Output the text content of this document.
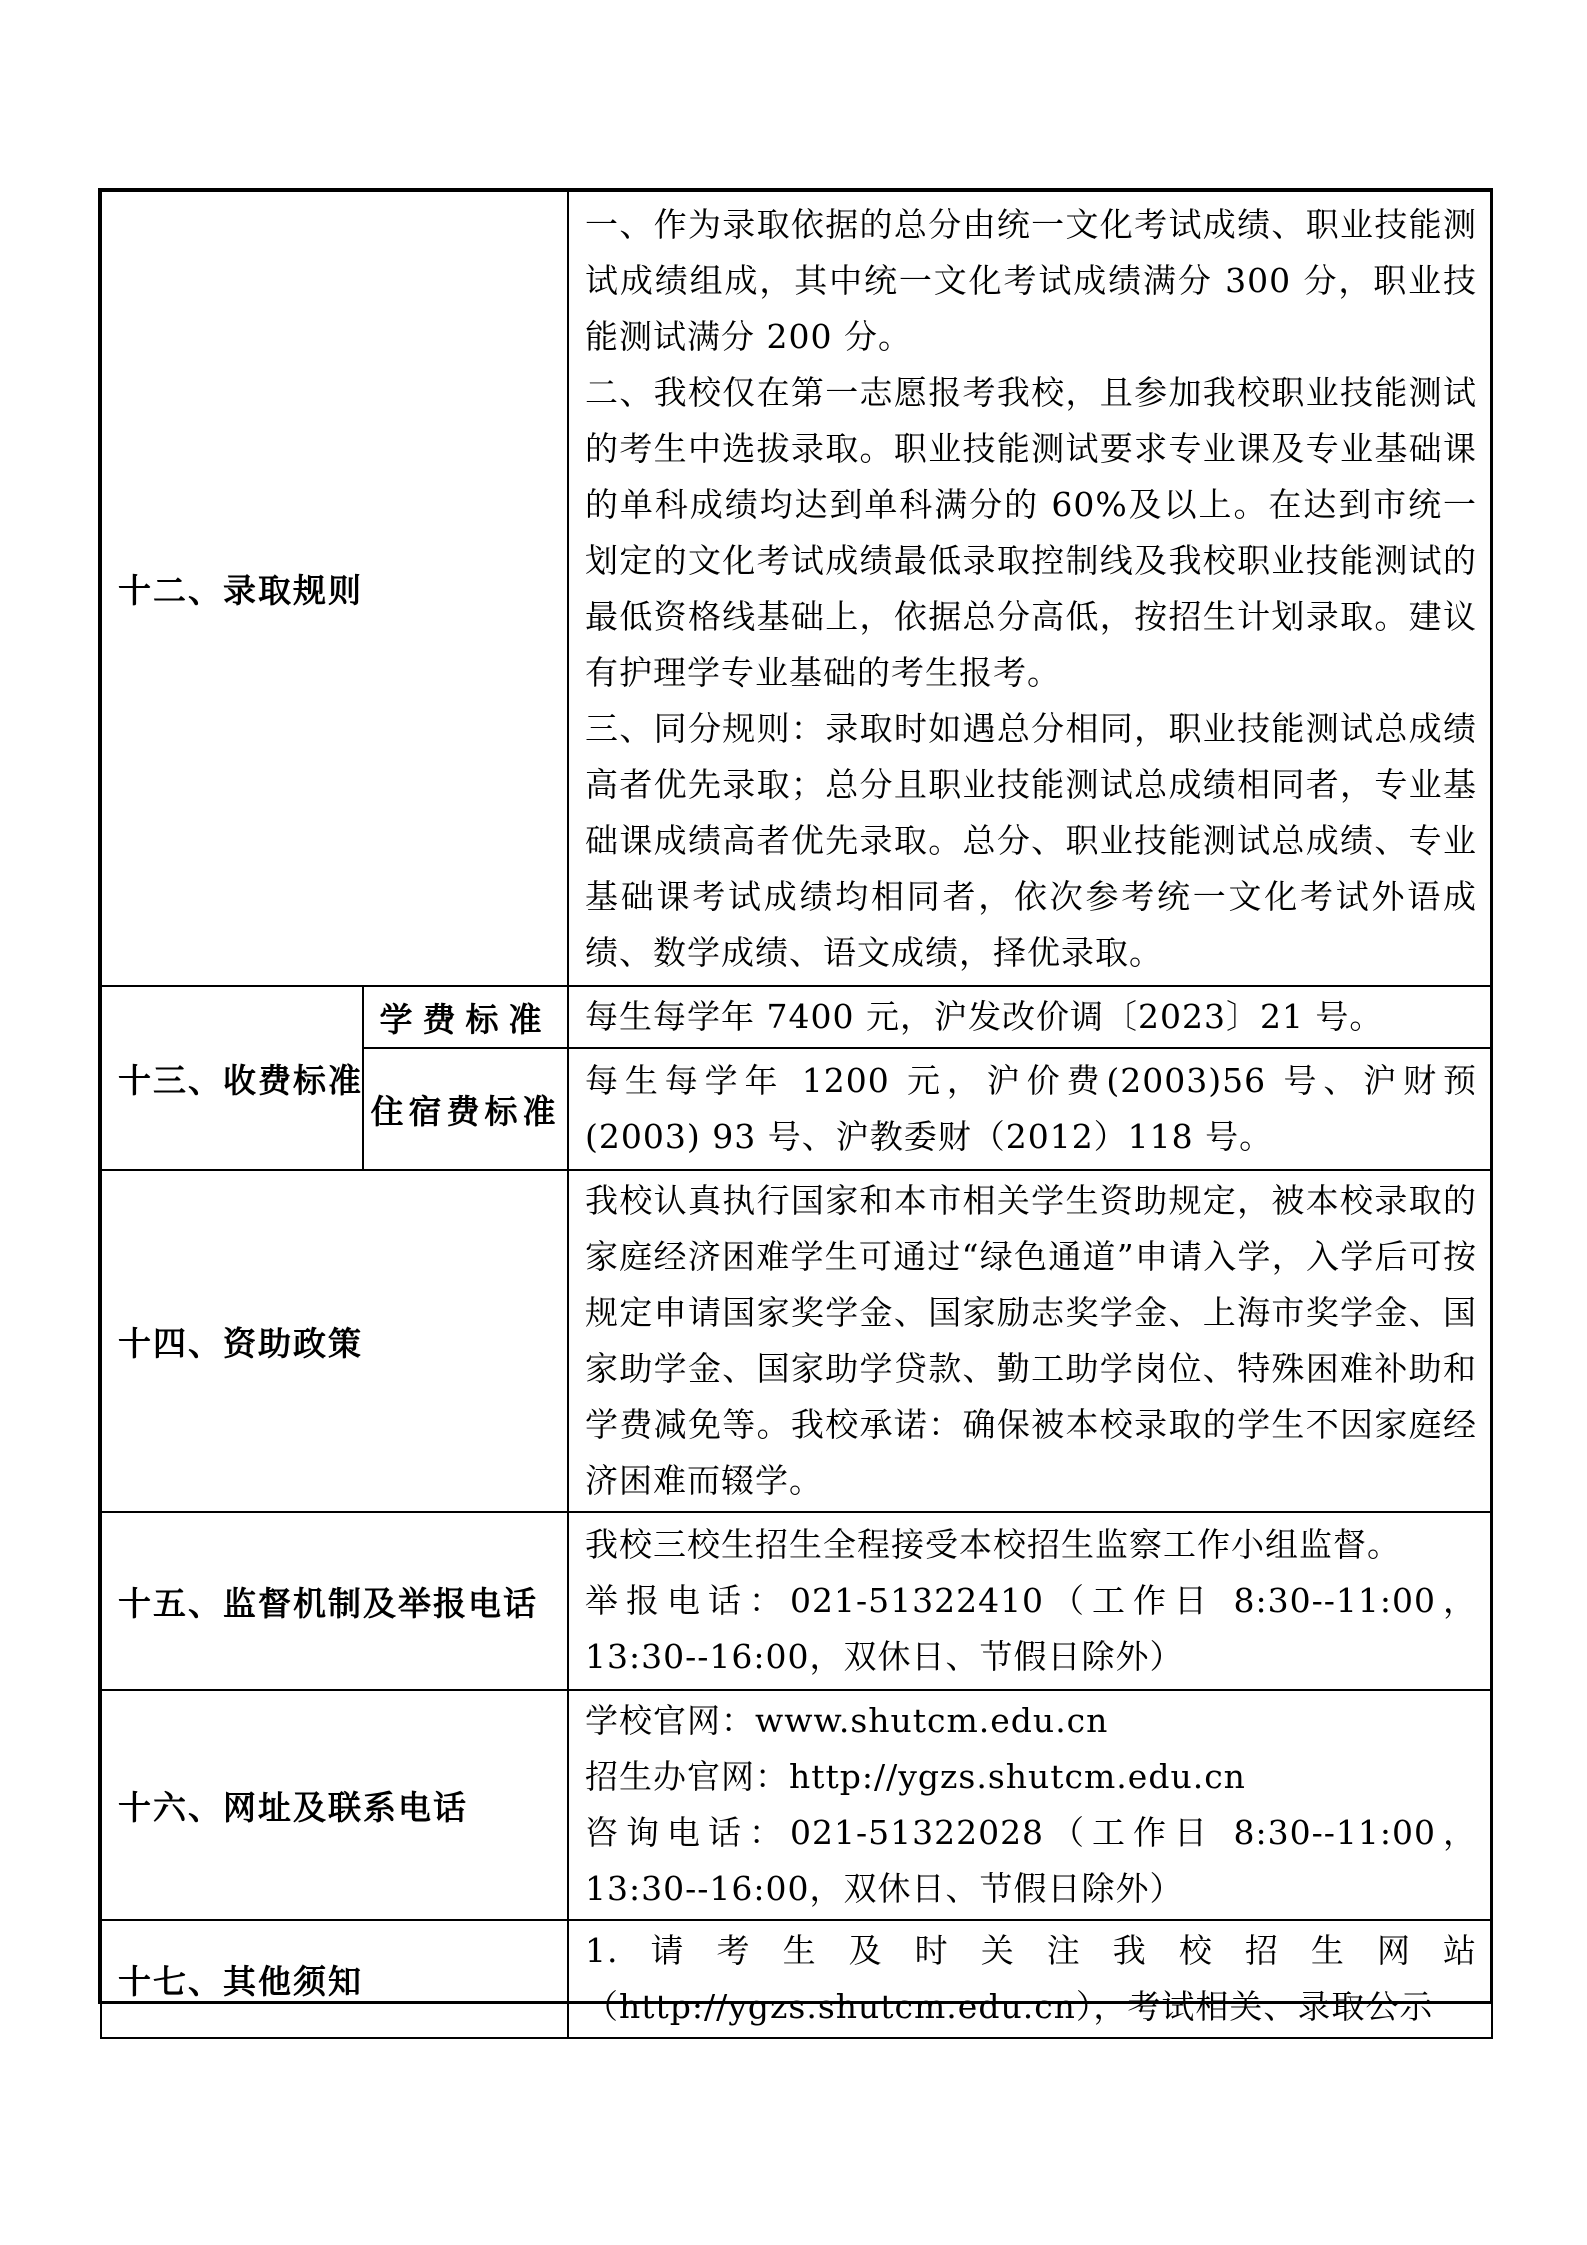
十二、录取规则		一、作为录取依据的总分由统一文化考试成绩、职业技能测试成绩组成，其中统一文化考试成绩满分 300 分，职业技能测试满分 200 分。

二、我校仅在第一志愿报考我校，且参加我校职业技能测试的考生中选拔录取。职业技能测试要求专业课及专业基础课的单科成绩均达到单科满分的 60%及以上。在达到市统一划定的文化考试成绩最低录取控制线及我校职业技能测试的最低资格线基础上，依据总分高低，按招生计划录取。建议有护理学专业基础的考生报考。

三、同分规则：录取时如遇总分相同，职业技能测试总成绩高者优先录取；总分且职业技能测试总成绩相同者，专业基础课成绩高者优先录取。总分、职业技能测试总成绩、专业基础课考试成绩均相同者，依次参考统一文化考试外语成绩、数学成绩、语文成绩，择优录取。

十三、收费标准	学费标准	每生每学年 7400 元，沪发改价调〔2023〕21 号。
	住宿费标准	每生每学年 1200 元，沪价费(2003)56 号、沪财预(2003) 93 号、沪教委财（2012）118 号。
十四、资助政策		我校认真执行国家和本市相关学生资助规定，被本校录取的家庭经济困难学生可通过“绿色通道”申请入学，入学后可按规定申请国家奖学金、国家励志奖学金、上海市奖学金、国家助学金、国家助学贷款、勤工助学岗位、特殊困难补助和学费减免等。我校承诺：确保被本校录取的学生不因家庭经济困难而辍学。
十五、监督机制及举报电话		我校三校生招生全程接受本校招生监察工作小组监督。

举报电话：021-51322410（工作日 8:30--11:00，13:30--16:00，双休日、节假日除外）

十六、网址及联系电话		学校官网：www.shutcm.edu.cn

招生办官网：http://ygzs.shutcm.edu.cn

咨询电话：021-51322028（工作日 8:30--11:00，13:30--16:00，双休日、节假日除外）

十七、其他须知		1.请考生及时关注我校招生网站（http://ygzs.shutcm.edu.cn），考试相关、录取公示
